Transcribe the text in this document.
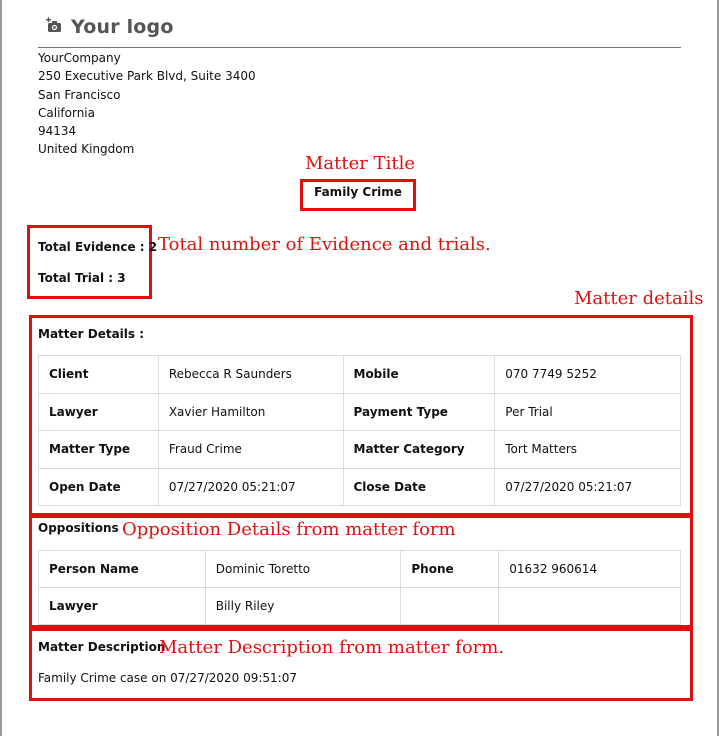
Your logo
YourCompany
250 Executive Park Blvd, Suite 3400
San Francisco
California
94134
United Kingdom
Matter Title
Family Crime
Total Evidence : 2
Total Trial : 3
Total number of Evidence and trials.
Matter details
Matter Details :
Client	Rebecca R Saunders	Mobile	070 7749 5252
Lawyer	Xavier Hamilton	Payment Type	Per Trial
Matter Type	Fraud Crime	Matter Category	Tort Matters
Open Date	07/27/2020 05:21:07	Close Date	07/27/2020 05:21:07
Oppositions Opposition Details from matter form
Person Name	Dominic Toretto	Phone	01632 960614
Lawyer	Billy Riley		
Matter Description
Matter Description from matter form.
Family Crime case on 07/27/2020 09:51:07
